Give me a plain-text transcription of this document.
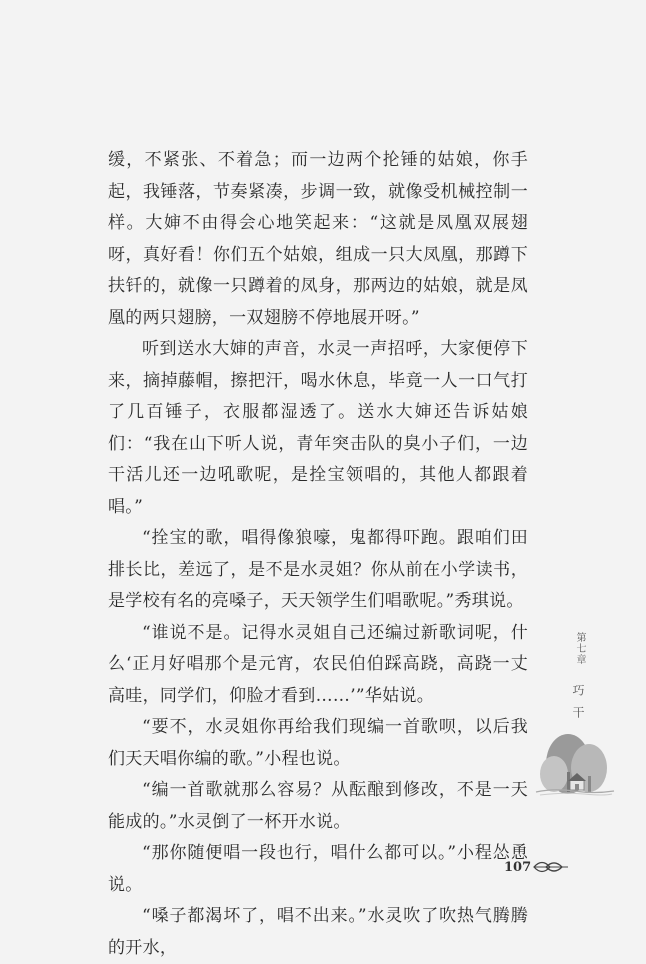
缓，不紧张、不着急；而一边两个抡锤的姑娘，你手起，我锤落，节奏紧凑，步调一致，就像受机械控制一样。大婶不由得会心地笑起来：“这就是凤凰双展翅呀，真好看！你们五个姑娘，组成一只大凤凰，那蹲下扶钎的，就像一只蹲着的凤身，那两边的姑娘，就是凤凰的两只翅膀，一双翅膀不停地展开呀。”

听到送水大婶的声音，水灵一声招呼，大家便停下来，摘掉藤帽，擦把汗，喝水休息，毕竟一人一口气打了几百锤子，衣服都湿透了。送水大婶还告诉姑娘们：“我在山下听人说，青年突击队的臭小子们，一边干活儿还一边吼歌呢，是拴宝领唱的，其他人都跟着唱。”

“拴宝的歌，唱得像狼嚎，鬼都得吓跑。跟咱们田排长比，差远了，是不是水灵姐？你从前在小学读书，是学校有名的亮嗓子，天天领学生们唱歌呢。”秀琪说。

“谁说不是。记得水灵姐自己还编过新歌词呢，什么‘正月好唱那个是元宵，农民伯伯踩高跷，高跷一丈高哇，同学们，仰脸才看到……’”华姑说。

“要不，水灵姐你再给我们现编一首歌呗，以后我们天天唱你编的歌。”小程也说。

“编一首歌就那么容易？从酝酿到修改，不是一天能成的。”水灵倒了一杯开水说。

“那你随便唱一段也行，唱什么都可以。”小程怂恿说。

“嗓子都渴坏了，唱不出来。”水灵吹了吹热气腾腾的开水，

第七章
巧干
107
